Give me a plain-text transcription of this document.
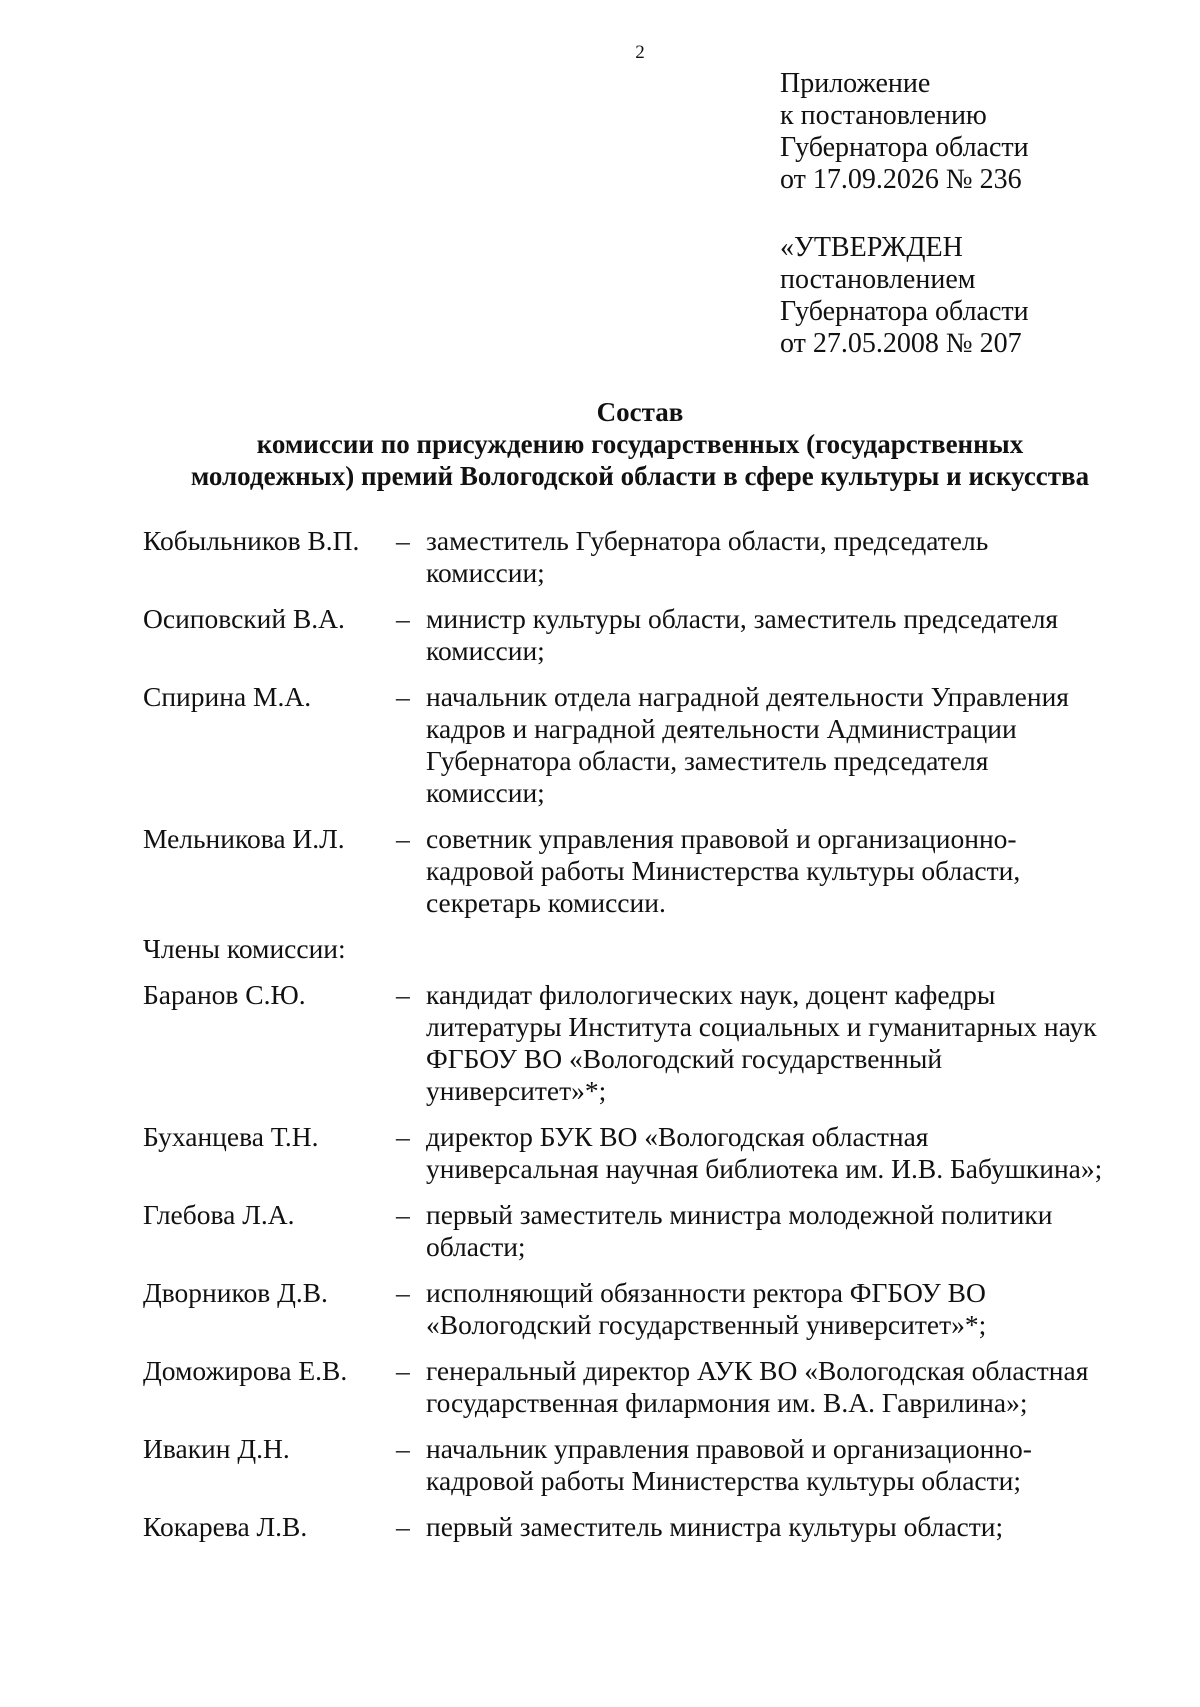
2
Приложение
к постановлению
Губернатора области
от 17.09.2026 № 236
«УТВЕРЖДЕН
постановлением
Губернатора области
от 27.05.2008 № 207
Состав
комиссии по присуждению государственных (государственных
молодежных) премий Вологодской области в сфере культуры и искусства
Кобыльников В.П.	– заместитель Губернатора области, председатель
комиссии;
Осиповский В.А.	– министр культуры области, заместитель председателя
комиссии;
Спирина М.А.	– начальник отдела наградной деятельности Управления
кадров и наградной деятельности Администрации
Губернатора области, заместитель председателя
комиссии;
Мельникова И.Л.	– советник управления правовой и организационно-
кадровой работы Министерства культуры области,
секретарь комиссии.
Члены комиссии:
Баранов С.Ю.	– кандидат филологических наук, доцент кафедры
литературы Института социальных и гуманитарных наук
ФГБОУ ВО «Вологодский государственный
университет»*;
Буханцева Т.Н.	– директор БУК ВО «Вологодская областная
универсальная научная библиотека им. И.В. Бабушкина»;
Глебова Л.А.	– первый заместитель министра молодежной политики
области;
Дворников Д.В.	– исполняющий обязанности ректора ФГБОУ ВО
«Вологодский государственный университет»*;
Доможирова Е.В.	– генеральный директор АУК ВО «Вологодская областная
государственная филармония им. В.А. Гаврилина»;
Ивакин Д.Н.	– начальник управления правовой и организационно-
кадровой работы Министерства культуры области;
Кокарева Л.В.	– первый заместитель министра культуры области;
